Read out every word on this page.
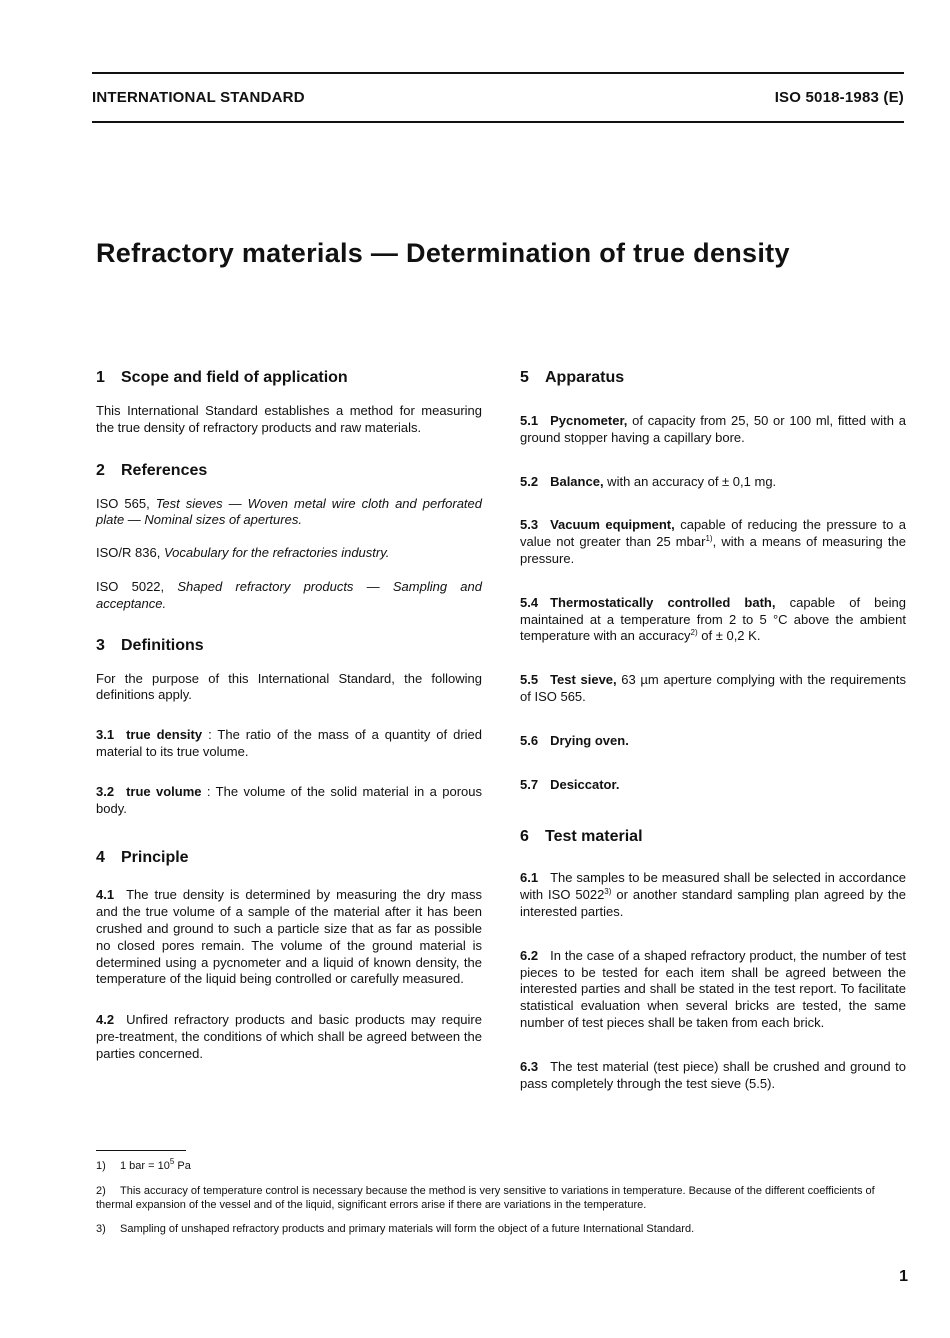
INTERNATIONAL STANDARD	ISO 5018-1983 (E)
Refractory materials — Determination of true density
1 Scope and field of application

This International Standard establishes a method for measuring the true density of refractory products and raw materials.

2 References

ISO 565, Test sieves — Woven metal wire cloth and perforated plate — Nominal sizes of apertures.

ISO/R 836, Vocabulary for the refractories industry.

ISO 5022, Shaped refractory products — Sampling and acceptance.

3 Definitions

For the purpose of this International Standard, the following definitions apply.

3.1 true density : The ratio of the mass of a quantity of dried material to its true volume.

3.2 true volume : The volume of the solid material in a porous body.

4 Principle

4.1 The true density is determined by measuring the dry mass and the true volume of a sample of the material after it has been crushed and ground to such a particle size that as far as possible no closed pores remain. The volume of the ground material is determined using a pycnometer and a liquid of known density, the temperature of the liquid being controlled or carefully measured.

4.2 Unfired refractory products and basic products may require pre-treatment, the conditions of which shall be agreed between the parties concerned.

5 Apparatus

5.1 Pycnometer, of capacity from 25, 50 or 100 ml, fitted with a ground stopper having a capillary bore.

5.2 Balance, with an accuracy of ± 0,1 mg.

5.3 Vacuum equipment, capable of reducing the pressure to a value not greater than 25 mbar$^{1)}$, with a means of measuring the pressure.

5.4 Thermostatically controlled bath, capable of being maintained at a temperature from 2 to 5 °C above the ambient temperature with an accuracy$^{2)}$ of ± 0,2 K.

5.5 Test sieve, 63 µm aperture complying with the requirements of ISO 565.

5.6 Drying oven.

5.7 Desiccator.

6 Test material

6.1 The samples to be measured shall be selected in accordance with ISO 5022$^{3)}$ or another standard sampling plan agreed by the interested parties.

6.2 In the case of a shaped refractory product, the number of test pieces to be tested for each item shall be agreed between the interested parties and shall be stated in the test report. To facilitate statistical evaluation when several bricks are tested, the same number of test pieces shall be taken from each brick.

6.3 The test material (test piece) shall be crushed and ground to pass completely through the test sieve (5.5).

1) 1 bar = $10^5$ Pa
2) This accuracy of temperature control is necessary because the method is very sensitive to variations in temperature. Because of the different coefficients of thermal expansion of the vessel and of the liquid, significant errors arise if there are variations in the temperature.
3) Sampling of unshaped refractory products and primary materials will form the object of a future International Standard.
1
